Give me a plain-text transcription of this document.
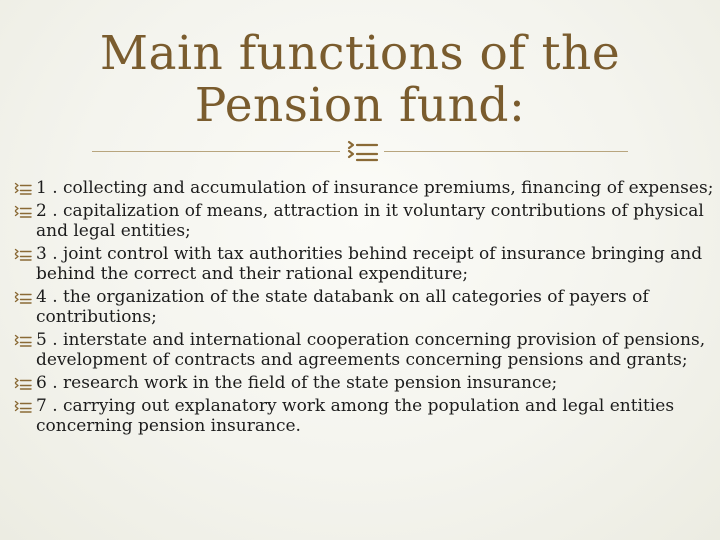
Main functions of the
Pension fund:
1 . collecting and accumulation of insurance premiums, financing of expenses;
2 . capitalization of means, attraction in it voluntary contributions of physical and legal entities;
3 . joint control with tax authorities behind receipt of insurance bringing and behind the correct and their rational expenditure;
4 . the organization of the state databank on all categories of payers of contributions;
5 . interstate and international cooperation concerning provision of pensions, development of contracts and agreements concerning pensions and grants;
6 . research work in the field of the state pension insurance;
7 . carrying out explanatory work among the population and legal entities concerning pension insurance.
